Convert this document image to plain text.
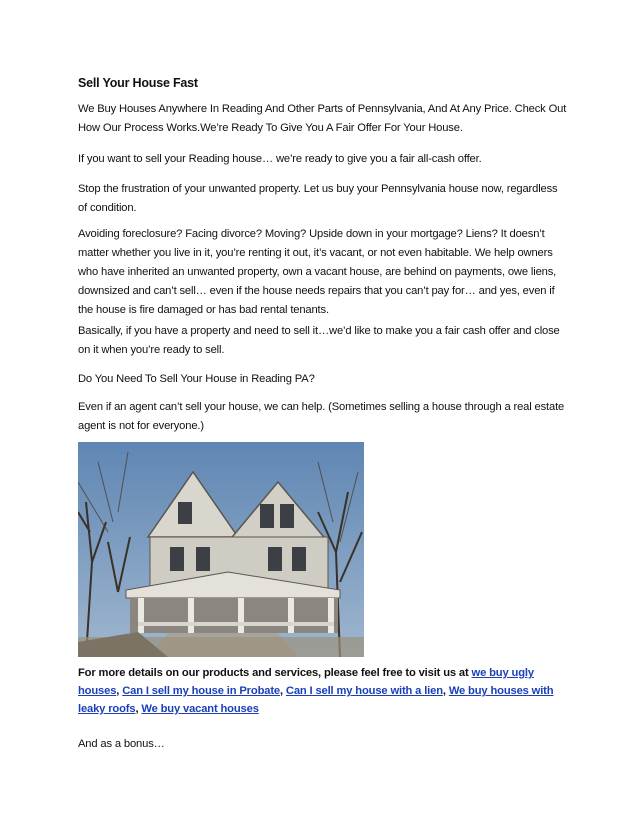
Sell Your House Fast

We Buy Houses Anywhere In Reading And Other Parts of Pennsylvania, And At Any Price. Check Out How Our Process Works.We’re Ready To Give You A Fair Offer For Your House.

If you want to sell your Reading house… we’re ready to give you a fair all-cash offer.

Stop the frustration of your unwanted property. Let us buy your Pennsylvania house now, regardless of condition.

Avoiding foreclosure? Facing divorce? Moving? Upside down in your mortgage? Liens? It doesn’t matter whether you live in it, you’re renting it out, it’s vacant, or not even habitable. We help owners who have inherited an unwanted property, own a vacant house, are behind on payments, owe liens, downsized and can’t sell… even if the house needs repairs that you can’t pay for… and yes, even if the house is fire damaged or has bad rental tenants.

Basically, if you have a property and need to sell it…we’d like to make you a fair cash offer and close on it when you’re ready to sell.

Do You Need To Sell Your House in Reading PA?

Even if an agent can’t sell your house, we can help. (Sometimes selling a house through a real estate agent is not for everyone.)

For more details on our products and services, please feel free to visit us at we buy ugly houses, Can I sell my house in Probate, Can I sell my house with a lien, We buy houses with leaky roofs, We buy vacant houses

And as a bonus…
